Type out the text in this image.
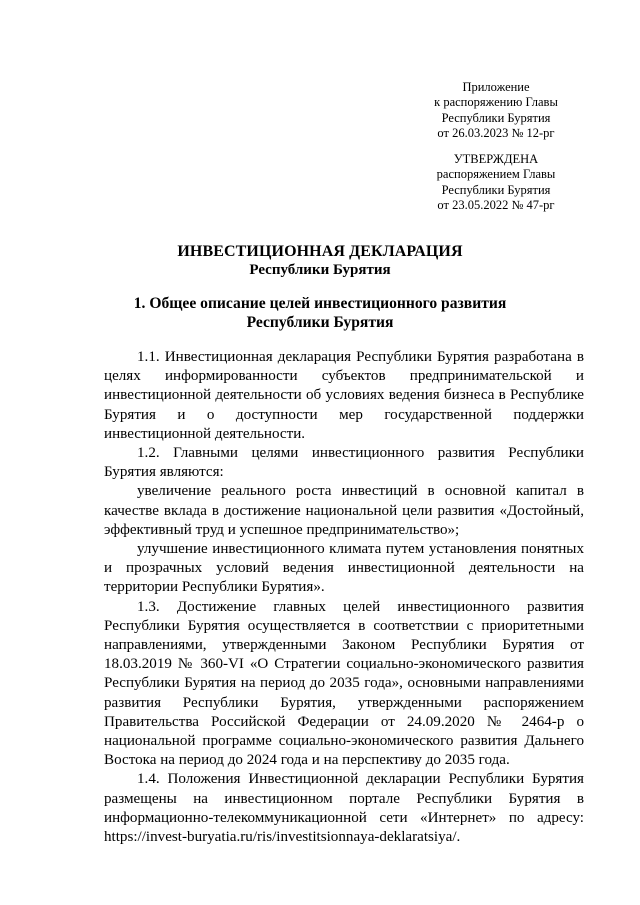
Приложение
к распоряжению Главы
Республики Бурятия
от 26.03.2023 № 12-рг
УТВЕРЖДЕНА
распоряжением Главы
Республики Бурятия
от 23.05.2022 № 47-рг
ИНВЕСТИЦИОННАЯ ДЕКЛАРАЦИЯ
Республики Бурятия
1. Общее описание целей инвестиционного развития
Республики Бурятия

1.1. Инвестиционная декларация Республики Бурятия разработана в целях информированности субъектов предпринимательской и инвестиционной деятельности об условиях ведения бизнеса в Республике Бурятия и о доступности мер государственной поддержки инвестиционной деятельности.

1.2. Главными целями инвестиционного развития Республики Бурятия являются:

увеличение реального роста инвестиций в основной капитал в качестве вклада в достижение национальной цели развития «Достойный, эффективный труд и успешное предпринимательство»;

улучшение инвестиционного климата путем установления понятных и прозрачных условий ведения инвестиционной деятельности на территории Республики Бурятия».

1.3. Достижение главных целей инвестиционного развития Республики Бурятия осуществляется в соответствии с приоритетными направлениями, утвержденными Законом Республики Бурятия от 18.03.2019 № 360-VI «О Стратегии социально-экономического развития Республики Бурятия на период до 2035 года», основными направлениями развития Республики Бурятия, утвержденными распоряжением Правительства Российской Федерации от 24.09.2020 № 2464-р о национальной программе социально-экономического развития Дальнего Востока на период до 2024 года и на перспективу до 2035 года.

1.4. Положения Инвестиционной декларации Республики Бурятия размещены на инвестиционном портале Республики Бурятия в информационно-телекоммуникационной сети «Интернет» по адресу: https://invest-buryatia.ru/ris/investitsionnaya-deklaratsiya/.
